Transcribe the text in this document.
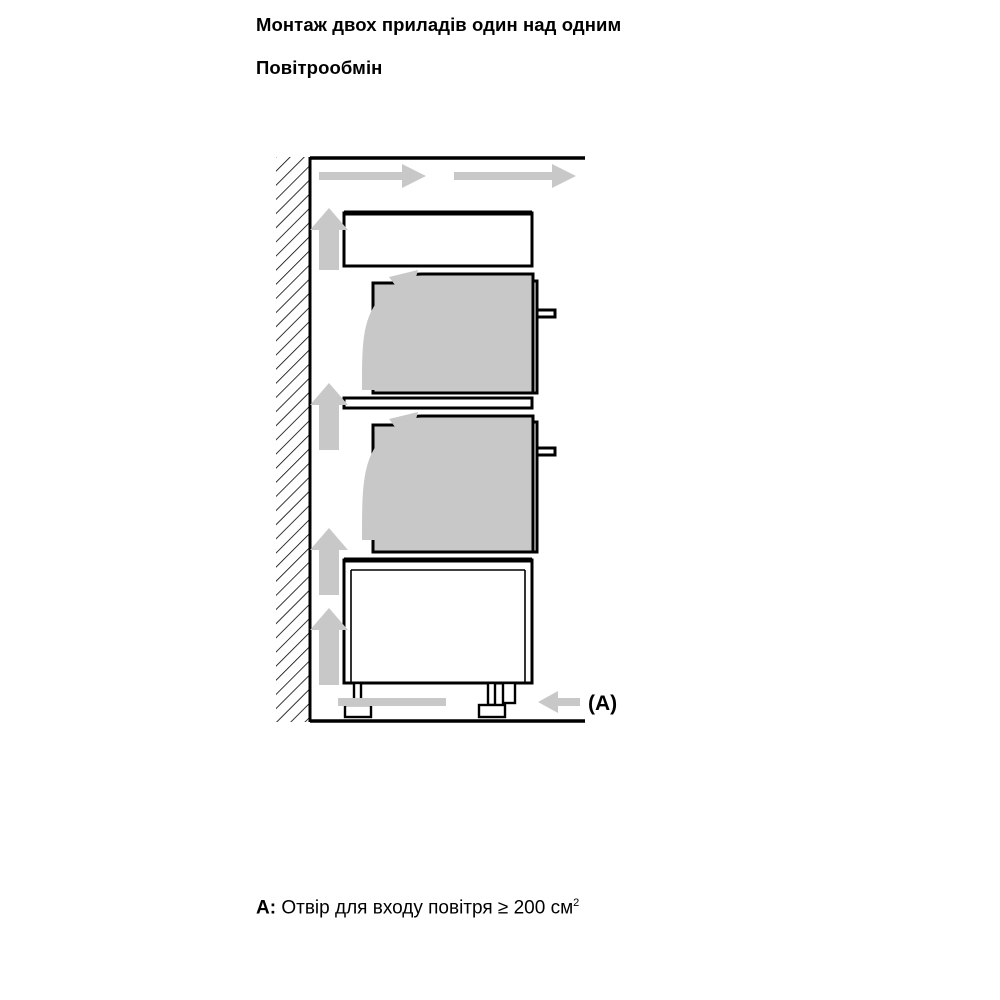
Монтаж двох приладів один над одним
Повітрообмін
(A)
A: Отвір для входу повітря ≥ 200 $см^2$
